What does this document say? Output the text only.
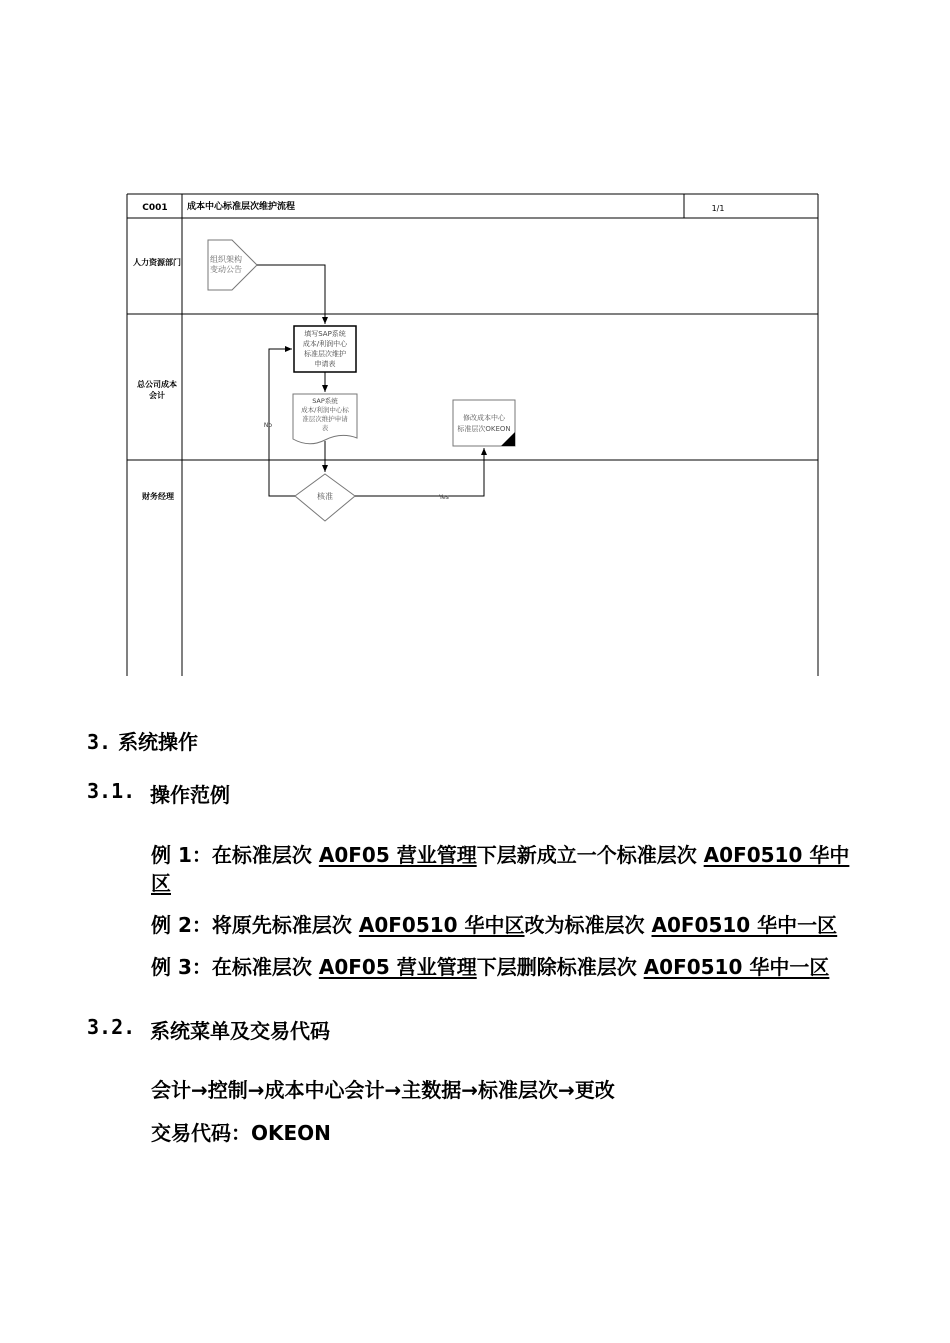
C001 成本中心标准层次维护流程	1/1
人力资源部门
总公司成本
会计
财务经理
组织架构
变动公告
填写SAP系统
成本/利润中心
标准层次维护
申请表
SAP系统
成本/利润中心标
准层次维护申请
表
修改成本中心
标准层次OKEON
核准
No
Yes
3. 系统操作
3.1. 操作范例
例 1：在标准层次 A0F05 营业管理下层新成立一个标准层次 A0F0510 华中
区
例 2：将原先标准层次 A0F0510 华中区改为标准层次 A0F0510 华中一区
例 3：在标准层次 A0F05 营业管理下层删除标准层次 A0F0510 华中一区
3.2. 系统菜单及交易代码
会计→控制→成本中心会计→主数据→标准层次→更改
交易代码：OKEON
